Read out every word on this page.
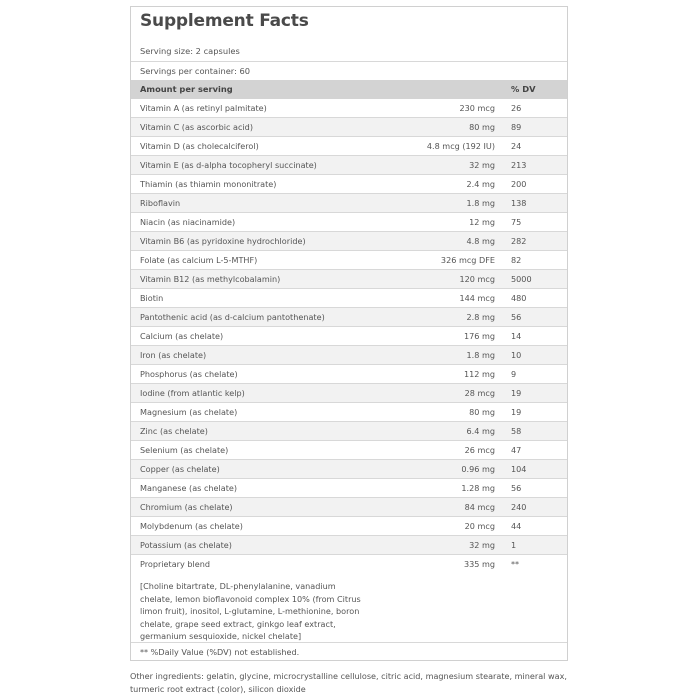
Supplement Facts
Serving size: 2 capsules
Servings per container: 60
Amount per serving	% DV
Vitamin A (as retinyl palmitate)	230 mcg 26
Vitamin C (as ascorbic acid)	80 mg 89
Vitamin D (as cholecalciferol)	4.8 mcg (192 IU) 24
Vitamin E (as d-alpha tocopheryl succinate)	32 mg 213
Thiamin (as thiamin mononitrate)	2.4 mg 200
Riboflavin	1.8 mg 138
Niacin (as niacinamide)	12 mg 75
Vitamin B6 (as pyridoxine hydrochloride)	4.8 mg 282
Folate (as calcium L-5-MTHF)	326 mcg DFE 82
Vitamin B12 (as methylcobalamin)	120 mcg 5000
Biotin	144 mcg 480
Pantothenic acid (as d-calcium pantothenate)	2.8 mg 56
Calcium (as chelate)	176 mg 14
Iron (as chelate)	1.8 mg 10
Phosphorus (as chelate)	112 mg 9
Iodine (from atlantic kelp)	28 mcg 19
Magnesium (as chelate)	80 mg 19
Zinc (as chelate)	6.4 mg 58
Selenium (as chelate)	26 mcg 47
Copper (as chelate)	0.96 mg 104
Manganese (as chelate)	1.28 mg 56
Chromium (as chelate)	84 mcg 240
Molybdenum (as chelate)	20 mcg 44
Potassium (as chelate)	32 mg 1
Proprietary blend	335 mg **
[Choline bitartrate, DL-phenylalanine, vanadium chelate, lemon bioflavonoid complex 10% (from Citrus limon fruit), inositol, L-glutamine, L-methionine, boron chelate, grape seed extract, ginkgo leaf extract, germanium sesquioxide, nickel chelate]
** %Daily Value (%DV) not established.
Other ingredients: gelatin, glycine, microcrystalline cellulose, citric acid, magnesium stearate, mineral wax, turmeric root extract (color), silicon dioxide
